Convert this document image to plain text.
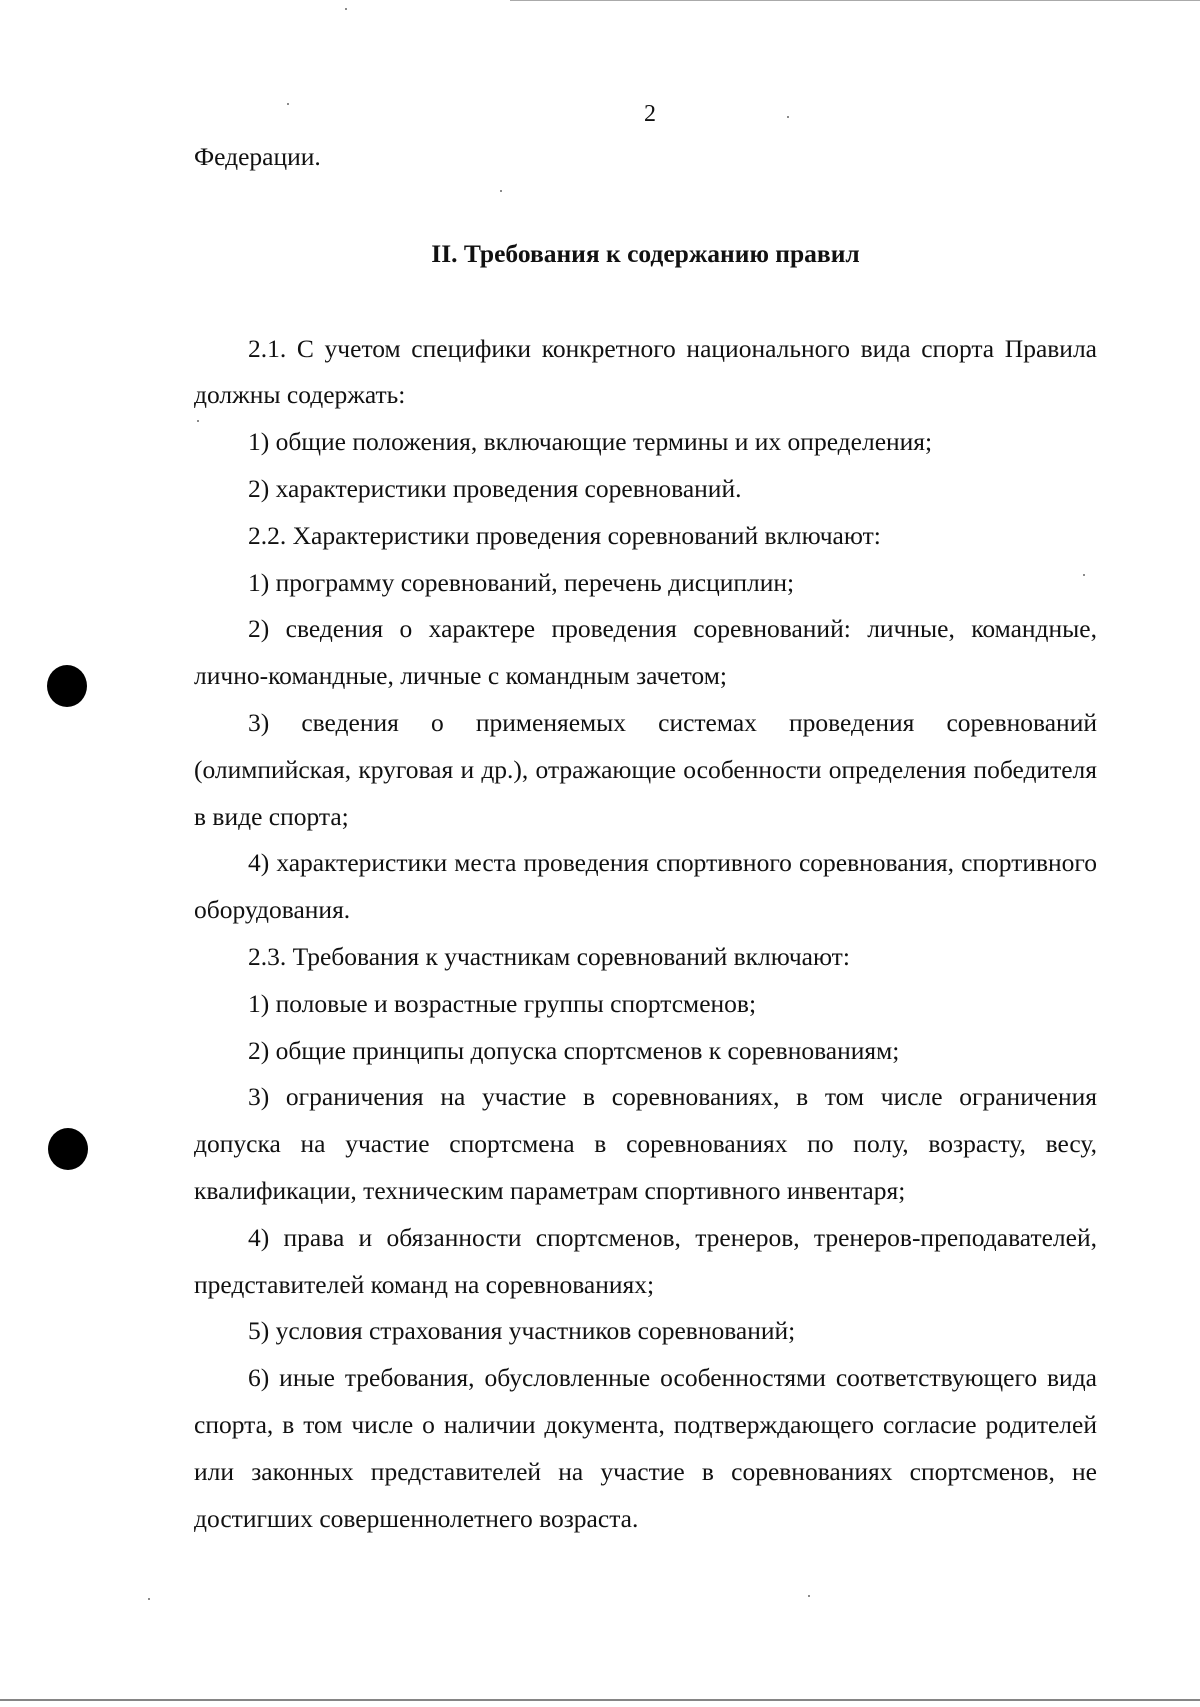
2

Федерации.

II. Требования к содержанию правил

2.1. С учетом специфики конкретного национального вида спорта Правила должны содержать:

1) общие положения, включающие термины и их определения;

2) характеристики проведения соревнований.

2.2. Характеристики проведения соревнований включают:

1) программу соревнований, перечень дисциплин;

2) сведения о характере проведения соревнований: личные, командные, лично-командные, личные с командным зачетом;

3) сведения о применяемых системах проведения соревнований (олимпийская, круговая и др.), отражающие особенности определения победителя в виде спорта;

4) характеристики места проведения спортивного соревнования, спортивного оборудования.

2.3. Требования к участникам соревнований включают:

1) половые и возрастные группы спортсменов;

2) общие принципы допуска спортсменов к соревнованиям;

3) ограничения на участие в соревнованиях, в том числе ограничения допуска на участие спортсмена в соревнованиях по полу, возрасту, весу, квалификации, техническим параметрам спортивного инвентаря;

4) права и обязанности спортсменов, тренеров, тренеров-преподавателей, представителей команд на соревнованиях;

5) условия страхования участников соревнований;

6) иные требования, обусловленные особенностями соответствующего вида спорта, в том числе о наличии документа, подтверждающего согласие родителей или законных представителей на участие в соревнованиях спортсменов, не достигших совершеннолетнего возраста.
